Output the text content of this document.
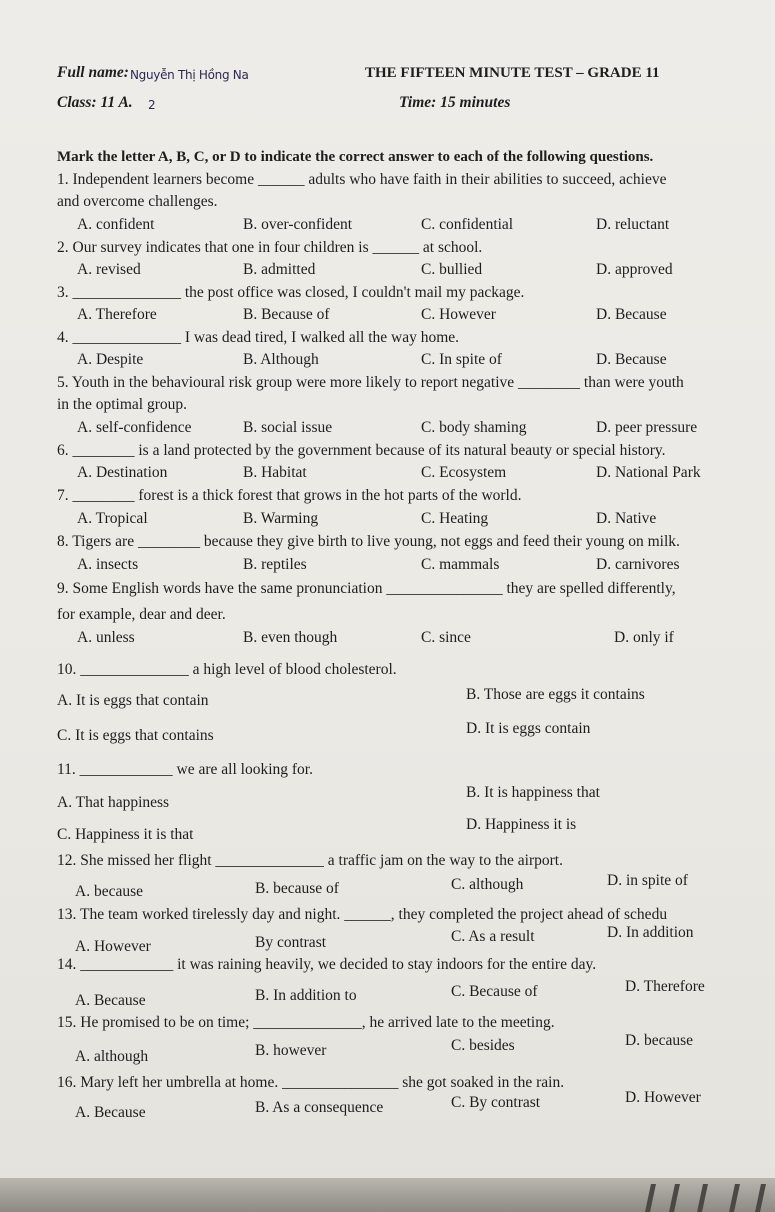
Full name: Nguyễn Thị Hồng Na	THE FIFTEEN MINUTE TEST – GRADE 11
Class: 11 A. 2	Time: 15 minutes
Mark the letter A, B, C, or D to indicate the correct answer to each of the following questions.
1. Independent learners become ______ adults who have faith in their abilities to succeed, achieve
and overcome challenges.
A. confident	B. over-confident	C. confidential	D. reluctant
2. Our survey indicates that one in four children is ______ at school.
A. revised	B. admitted	C. bullied	D. approved
3. ______________ the post office was closed, I couldn't mail my package.
A. Therefore	B. Because of	C. However	D. Because
4. ______________ I was dead tired, I walked all the way home.
A. Despite	B. Although	C. In spite of	D. Because
5. Youth in the behavioural risk group were more likely to report negative ________ than were youth
in the optimal group.
A. self-confidence	B. social issue	C. body shaming	D. peer pressure
6. ________ is a land protected by the government because of its natural beauty or special history.
A. Destination	B. Habitat	C. Ecosystem	D. National Park
7. ________ forest is a thick forest that grows in the hot parts of the world.
A. Tropical	B. Warming	C. Heating	D. Native
8. Tigers are ________ because they give birth to live young, not eggs and feed their young on milk.
A. insects	B. reptiles	C. mammals	D. carnivores
9. Some English words have the same pronunciation _______________ they are spelled differently,
for example, dear and deer.
A. unless	B. even though	C. since	D. only if
10. ______________ a high level of blood cholesterol.
A. It is eggs that contain	B. Those are eggs it contains
C. It is eggs that contains	D. It is eggs contain
11. ____________ we are all looking for.
A. That happiness
B. It is happiness that
C. Happiness it is that
D. Happiness it is
12. She missed her flight ______________ a traffic jam on the way to the airport.
A. because	B. because of	C. although	D. in spite of
13. The team worked tirelessly day and night. ______, they completed the project ahead of schedu
A. However	By contrast	C. As a result	D. In addition
14. ____________ it was raining heavily, we decided to stay indoors for the entire day.
A. Because	B. In addition to	C. Because of	D. Therefore
15. He promised to be on time; ______________, he arrived late to the meeting.
A. although	B. however	C. besides	D. because
16. Mary left her umbrella at home. _______________ she got soaked in the rain.
A. Because	B. As a consequence	C. By contrast	D. However
